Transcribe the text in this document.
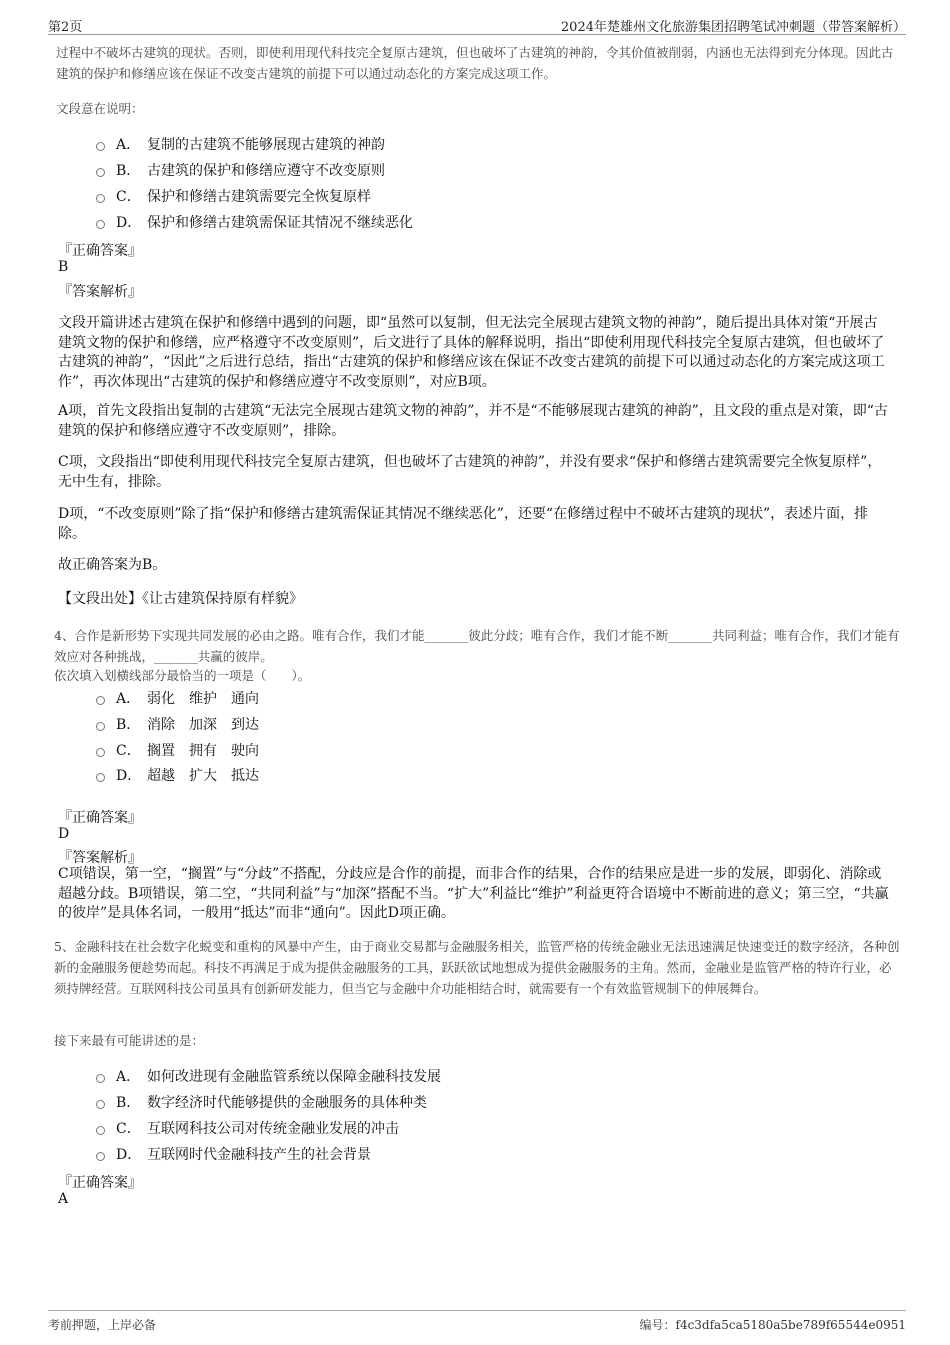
第2页	2024年楚雄州文化旅游集团招聘笔试冲刺题（带答案解析）
过程中不破坏古建筑的现状。否则，即使利用现代科技完全复原古建筑，但也破坏了古建筑的神韵，令其价值被削弱，内涵也无法得到充分体现。因此古建筑的保护和修缮应该在保证不改变古建筑的前提下可以通过动态化的方案完成这项工作。
文段意在说明：
A． 复制的古建筑不能够展现古建筑的神韵
B． 古建筑的保护和修缮应遵守不改变原则
C． 保护和修缮古建筑需要完全恢复原样
D． 保护和修缮古建筑需保证其情况不继续恶化
『正确答案』
B
『答案解析』
文段开篇讲述古建筑在保护和修缮中遇到的问题，即“虽然可以复制，但无法完全展现古建筑文物的神韵”，随后提出具体对策“开展古建筑文物的保护和修缮，应严格遵守不改变原则”，后文进行了具体的解释说明，指出“即使利用现代科技完全复原古建筑，但也破坏了古建筑的神韵”，“因此”之后进行总结，指出“古建筑的保护和修缮应该在保证不改变古建筑的前提下可以通过动态化的方案完成这项工作”，再次体现出“古建筑的保护和修缮应遵守不改变原则”，对应B项。
A项，首先文段指出复制的古建筑“无法完全展现古建筑文物的神韵”，并不是“不能够展现古建筑的神韵”，且文段的重点是对策，即“古建筑的保护和修缮应遵守不改变原则”，排除。
C项，文段指出“即使利用现代科技完全复原古建筑，但也破坏了古建筑的神韵”，并没有要求“保护和修缮古建筑需要完全恢复原样”，无中生有，排除。
D项，“不改变原则”除了指“保护和修缮古建筑需保证其情况不继续恶化”，还要“在修缮过程中不破坏古建筑的现状”，表述片面，排除。
故正确答案为B。
【文段出处】《让古建筑保持原有样貌》
4、合作是新形势下实现共同发展的必由之路。唯有合作，我们才能_______彼此分歧；唯有合作，我们才能不断_______共同利益；唯有合作，我们才能有效应对各种挑战，_______共赢的彼岸。
依次填入划横线部分最恰当的一项是（　　）。
A． 弱化　维护　通向
B． 消除　加深　到达
C． 搁置　拥有　驶向
D． 超越　扩大　抵达
『正确答案』
D
『答案解析』
C项错误，第一空，“搁置”与“分歧”不搭配，分歧应是合作的前提，而非合作的结果，合作的结果应是进一步的发展，即弱化、消除或超越分歧。B项错误，第二空，“共同利益”与“加深”搭配不当。“扩大”利益比“维护”利益更符合语境中不断前进的意义；第三空，“共赢的彼岸”是具体名词，一般用“抵达”而非“通向”。因此D项正确。
5、金融科技在社会数字化蜕变和重构的风暴中产生，由于商业交易都与金融服务相关，监管严格的传统金融业无法迅速满足快速变迁的数字经济，各种创新的金融服务便趁势而起。科技不再满足于成为提供金融服务的工具，跃跃欲试地想成为提供金融服务的主角。然而，金融业是监管严格的特许行业，必须持牌经营。互联网科技公司虽具有创新研发能力，但当它与金融中介功能相结合时，就需要有一个有效监管规制下的伸展舞台。
接下来最有可能讲述的是：
A． 如何改进现有金融监管系统以保障金融科技发展
B． 数字经济时代能够提供的金融服务的具体种类
C． 互联网科技公司对传统金融业发展的冲击
D． 互联网时代金融科技产生的社会背景
『正确答案』
A
考前押题，上岸必备	编号：f4c3dfa5ca5180a5be789f65544e0951
